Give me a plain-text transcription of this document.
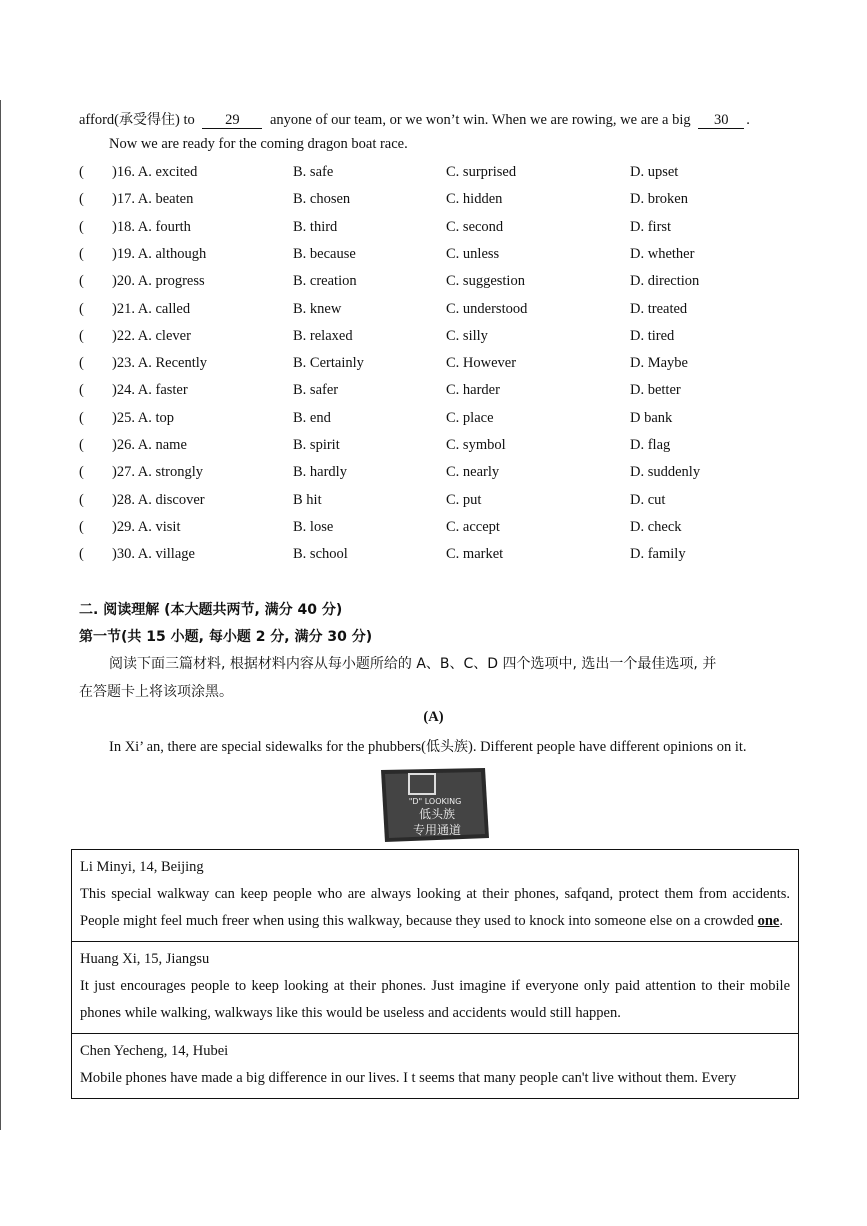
afford(承受得住) to 29 anyone of our team, or we won’t win. When we are rowing, we are a big 30 .
Now we are ready for the coming dragon boat race.
( )16. A. excited	B. safe	C. surprised	D. upset
( )17. A. beaten	B. chosen	C. hidden	D. broken
( )18. A. fourth	B. third	C. second	D. first
( )19. A. although	B. because	C. unless	D. whether
( )20. A. progress	B. creation	C. suggestion	D. direction
( )21. A. called	B. knew	C. understood	D. treated
( )22. A. clever	B. relaxed	C. silly	D. tired
( )23. A. Recently	B. Certainly	C. However	D. Maybe
( )24. A. faster	B. safer	C. harder	D. better
( )25. A. top	B. end	C. place	D bank
( )26. A. name	B. spirit	C. symbol	D. flag
( )27. A. strongly	B. hardly	C. nearly	D. suddenly
( )28. A. discover	B hit	C. put	D. cut
( )29. A. visit	B. lose	C. accept	D. check
( )30. A. village	B. school	C. market	D. family
二. 阅读理解 (本大题共两节, 满分 40 分)
第一节(共 15 小题, 每小题 2 分, 满分 30 分)
阅读下面三篇材料, 根据材料内容从每小题所给的 A、B、C、D 四个选项中, 选出一个最佳选项, 并
在答题卡上将该项涂黑。
(A)
In Xi’ an, there are special sidewalks for the phubbers(低头族). Different people have different opinions on it.
"D" LOOKING
低头族
专用通道
Li Minyi, 14, Beijing
This special walkway can keep people who are always looking at their phones, safqand, protect them from accidents. People might feel much freer when using this walkway, because they used to knock into someone else on a crowded one.

Huang Xi, 15, Jiangsu
It just encourages people to keep looking at their phones. Just imagine if everyone only paid attention to their mobile phones while walking, walkways like this would be useless and accidents would still happen.

Chen Yecheng, 14, Hubei
Mobile phones have made a big difference in our lives. I t seems that many people can't live without them. Every
